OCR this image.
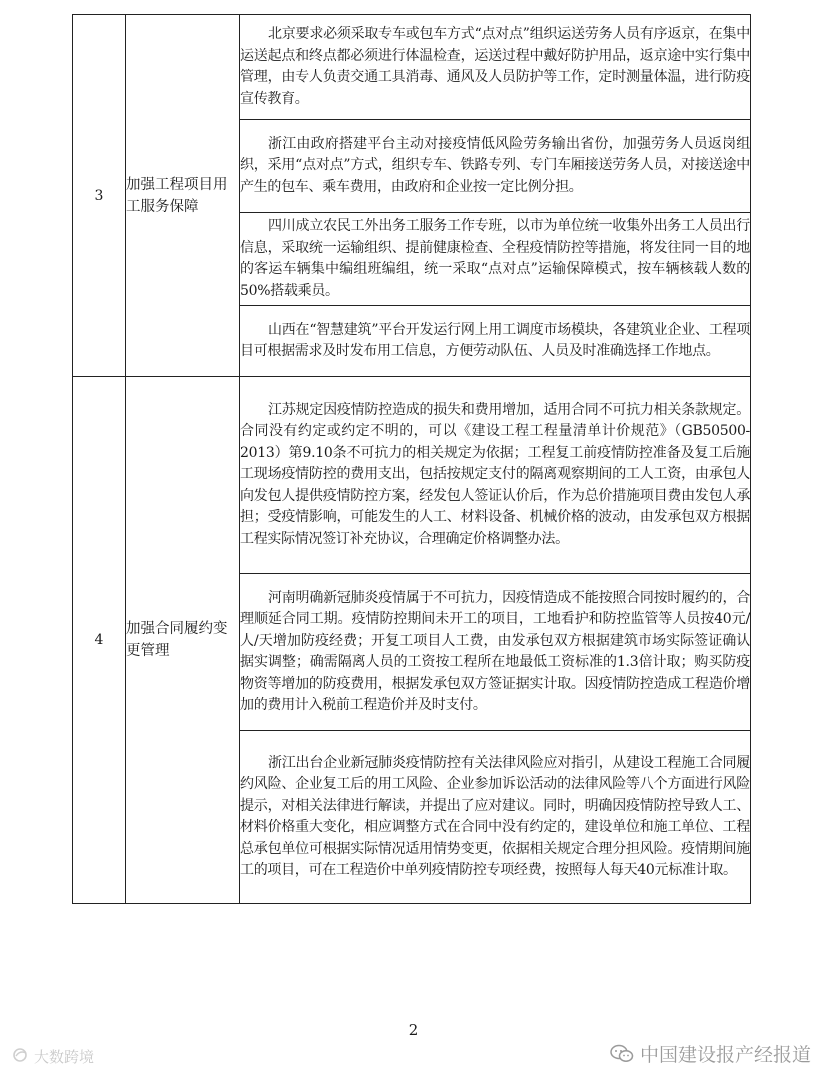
3	加强工程项目用工服务保障	北京要求必须采取专车或包车方式“点对点”组织运送劳务人员有序返京，在集中运送起点和终点都必须进行体温检查，运送过程中戴好防护用品，返京途中实行集中管理，由专人负责交通工具消毒、通风及人员防护等工作，定时测量体温，进行防疫宣传教育。
		浙江由政府搭建平台主动对接疫情低风险劳务输出省份，加强劳务人员返岗组织，采用“点对点”方式，组织专车、铁路专列、专门车厢接送劳务人员，对接送途中产生的包车、乘车费用，由政府和企业按一定比例分担。
		四川成立农民工外出务工服务工作专班，以市为单位统一收集外出务工人员出行信息，采取统一运输组织、提前健康检查、全程疫情防控等措施，将发往同一目的地的客运车辆集中编组班编组，统一采取“点对点”运输保障模式，按车辆核载人数的50%搭载乘员。
		山西在“智慧建筑”平台开发运行网上用工调度市场模块，各建筑业企业、工程项目可根据需求及时发布用工信息，方便劳动队伍、人员及时准确选择工作地点。
4	加强合同履约变更管理	江苏规定因疫情防控造成的损失和费用增加，适用合同不可抗力相关条款规定。合同没有约定或约定不明的，可以《建设工程工程量清单计价规范》（GB50500-2013）第9.10条不可抗力的相关规定为依据；工程复工前疫情防控准备及复工后施工现场疫情防控的费用支出，包括按规定支付的隔离观察期间的工人工资，由承包人向发包人提供疫情防控方案，经发包人签证认价后，作为总价措施项目费由发包人承担；受疫情影响，可能发生的人工、材料设备、机械价格的波动，由发承包双方根据工程实际情况签订补充协议，合理确定价格调整办法。
		河南明确新冠肺炎疫情属于不可抗力，因疫情造成不能按照合同按时履约的，合理顺延合同工期。疫情防控期间未开工的项目，工地看护和防控监管等人员按40元/人/天增加防疫经费；开复工项目人工费，由发承包双方根据建筑市场实际签证确认据实调整；确需隔离人员的工资按工程所在地最低工资标准的1.3倍计取；购买防疫物资等增加的防疫费用，根据发承包双方签证据实计取。因疫情防控造成工程造价增加的费用计入税前工程造价并及时支付。
		浙江出台企业新冠肺炎疫情防控有关法律风险应对指引，从建设工程施工合同履约风险、企业复工后的用工风险、企业参加诉讼活动的法律风险等八个方面进行风险提示，对相关法律进行解读，并提出了应对建议。同时，明确因疫情防控导致人工、材料价格重大变化，相应调整方式在合同中没有约定的，建设单位和施工单位、工程总承包单位可根据实际情况适用情势变更，依据相关规定合理分担风险。疫情期间施工的项目，可在工程造价中单列疫情防控专项经费，按照每人每天40元标准计取。
2
大数跨境	中国建设报产经报道
